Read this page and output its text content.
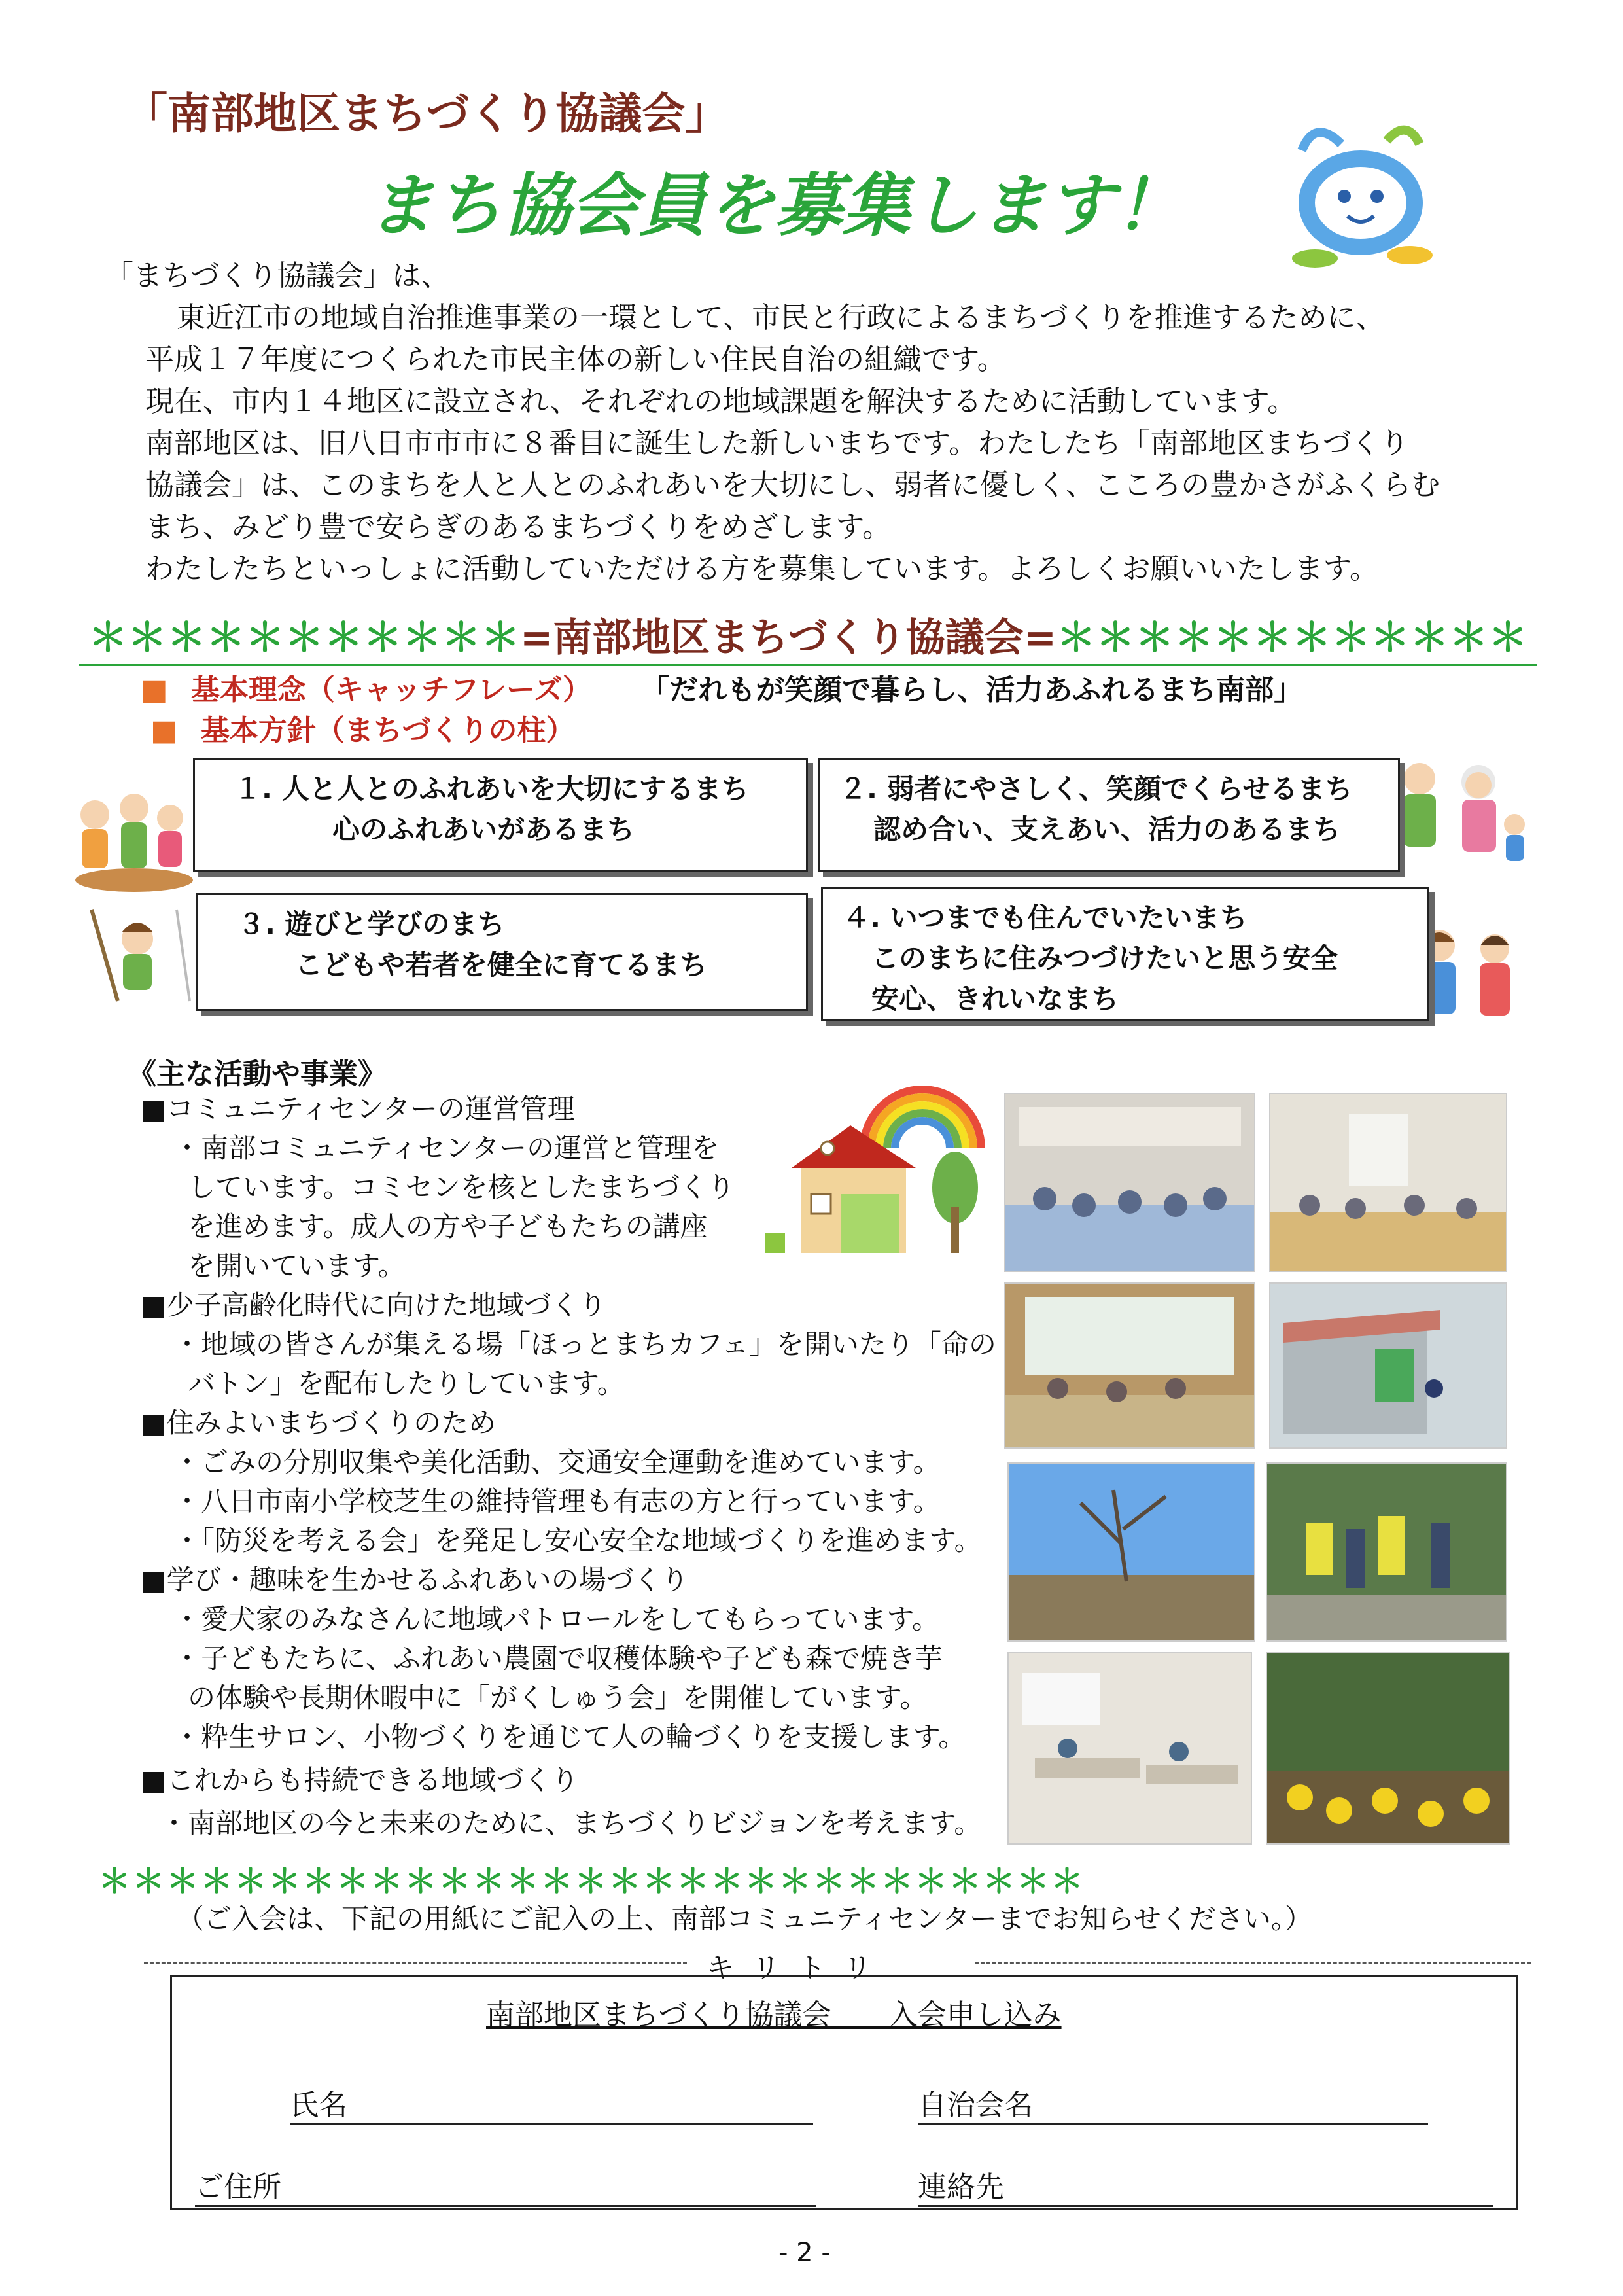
「南部地区まちづくり協議会」
まち協会員を募集します！

「まちづくり協議会」は、

東近江市の地域自治推進事業の一環として、市民と行政によるまちづくりを推進するために、

平成１７年度につくられた市民主体の新しい住民自治の組織です。

現在、市内１４地区に設立され、それぞれの地域課題を解決するために活動しています。

南部地区は、旧八日市市市に８番目に誕生した新しいまちです。わたしたち「南部地区まちづくり

協議会」は、このまちを人と人とのふれあいを大切にし、弱者に優しく、こころの豊かさがふくらむ

まち、みどり豊で安らぎのあるまちづくりをめざします。

わたしたちといっしょに活動していただける方を募集しています。よろしくお願いいたします。

＊＊＊＊＊＊＊＊＊＊＊=南部地区まちづくり協議会=＊＊＊＊＊＊＊＊＊＊＊＊
■ 基本理念（キャッチフレーズ） 「だれもが笑顔で暮らし、活力あふれるまち南部」
■ 基本方針（まちづくりの柱）
１. 人と人とのふれあいを大切にするまち
心のふれあいがあるまち
２. 弱者にやさしく、笑顔でくらせるまち
認め合い、支えあい、活力のあるまち
３. 遊びと学びのまち
こどもや若者を健全に育てるまち
４. いつまでも住んでいたいまち
このまちに住みつづけたいと思う安全
安心、きれいなまち
《主な活動や事業》

■コミュニティセンターの運営管理

・南部コミュニティセンターの運営と管理を

しています。コミセンを核としたまちづくり

を進めます。成人の方や子どもたちの講座

を開いています。

■少子高齢化時代に向けた地域づくり

・地域の皆さんが集える場「ほっとまちカフェ」を開いたり「命の

バトン」を配布したりしています。

■住みよいまちづくりのため

・ごみの分別収集や美化活動、交通安全運動を進めています。

・八日市南小学校芝生の維持管理も有志の方と行っています。

・「防災を考える会」を発足し安心安全な地域づくりを進めます。

■学び・趣味を生かせるふれあいの場づくり

・愛犬家のみなさんに地域パトロールをしてもらっています。

・子どもたちに、ふれあい農園で収穫体験や子ども森で焼き芋

の体験や長期休暇中に「がくしゅう会」を開催しています。

・粋生サロン、小物づくりを通じて人の輪づくりを支援します。

■これからも持続できる地域づくり

・南部地区の今と未来のために、まちづくりビジョンを考えます。

＊＊＊＊＊＊＊＊＊＊＊＊＊＊＊＊＊＊＊＊＊＊＊＊＊＊＊＊＊
（ご入会は、下記の用紙にご記入の上、南部コミュニティセンターまでお知らせください。）
キリトリ
南部地区まちづくり協議会　　入会申し込み
氏名	自治会名
ご住所	連絡先
- 2 -
